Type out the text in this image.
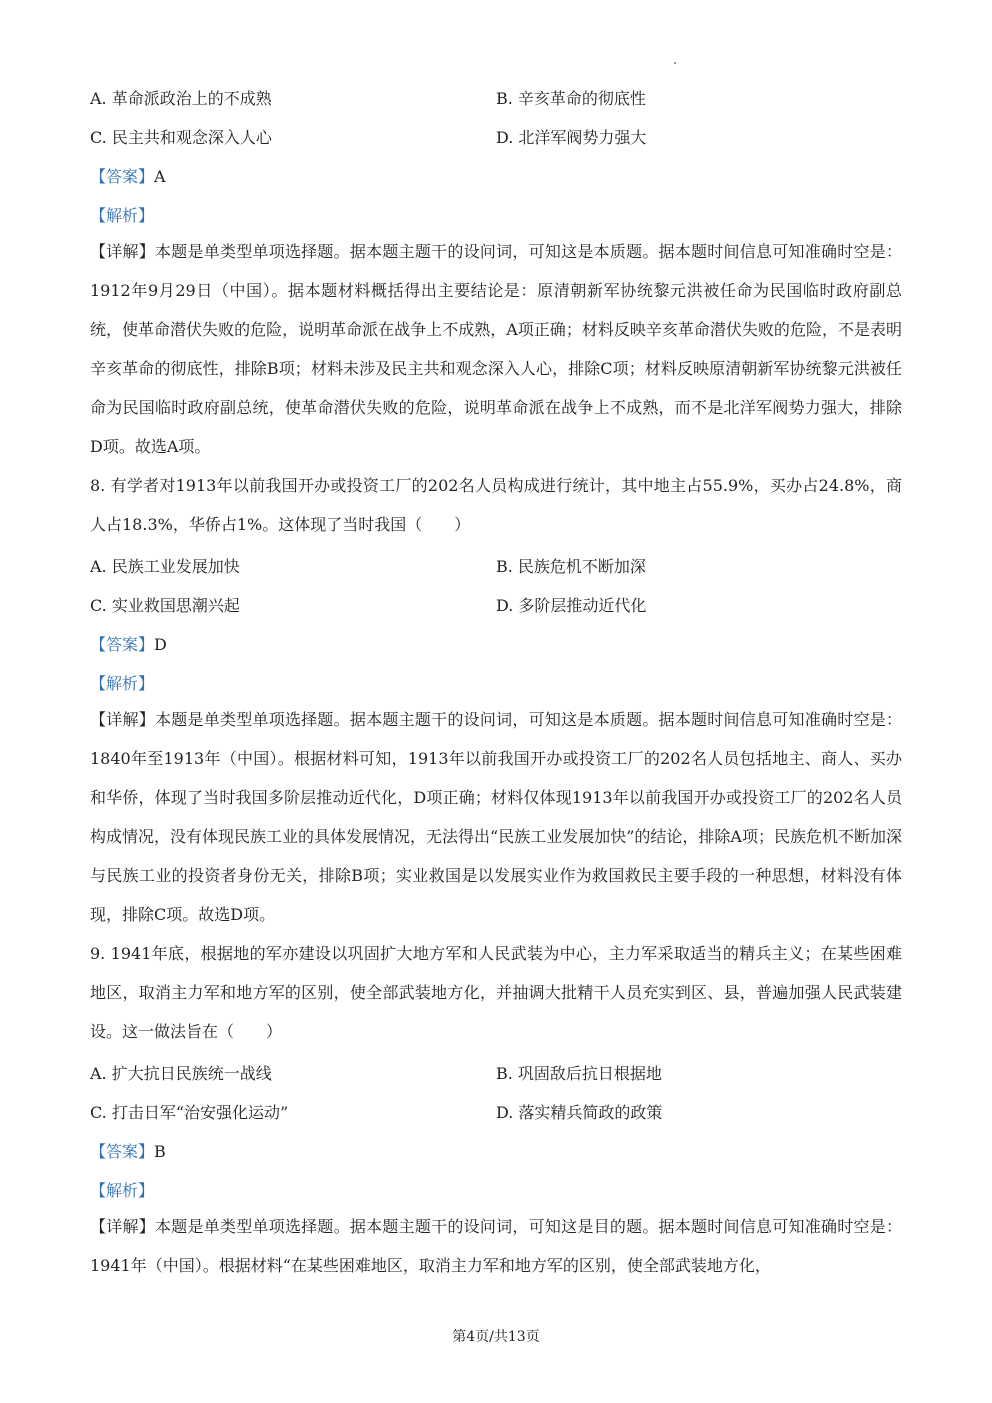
A. 革命派政治上的不成熟	B. 辛亥革命的彻底性
C. 民主共和观念深入人心	D. 北洋军阀势力强大
【答案】A
【解析】

【详解】本题是单类型单项选择题。据本题主题干的设问词，可知这是本质题。据本题时间信息可知准确时空是：1912年9月29日（中国）。据本题材料概括得出主要结论是：原清朝新军协统黎元洪被任命为民国临时政府副总统，使革命潜伏失败的危险，说明革命派在战争上不成熟，A项正确；材料反映辛亥革命潜伏失败的危险，不是表明辛亥革命的彻底性，排除B项；材料未涉及民主共和观念深入人心，排除C项；材料反映原清朝新军协统黎元洪被任命为民国临时政府副总统，使革命潜伏失败的危险，说明革命派在战争上不成熟，而不是北洋军阀势力强大，排除D项。故选A项。

8. 有学者对1913年以前我国开办或投资工厂的202名人员构成进行统计，其中地主占55.9%，买办占24.8%，商人占18.3%，华侨占1%。这体现了当时我国（　　）

A. 民族工业发展加快	B. 民族危机不断加深
C. 实业救国思潮兴起	D. 多阶层推动近代化
【答案】D
【解析】

【详解】本题是单类型单项选择题。据本题主题干的设问词，可知这是本质题。据本题时间信息可知准确时空是：1840年至1913年（中国）。根据材料可知，1913年以前我国开办或投资工厂的202名人员包括地主、商人、买办和华侨，体现了当时我国多阶层推动近代化，D项正确；材料仅体现1913年以前我国开办或投资工厂的202名人员构成情况，没有体现民族工业的具体发展情况，无法得出“民族工业发展加快”的结论，排除A项；民族危机不断加深与民族工业的投资者身份无关，排除B项；实业救国是以发展实业作为救国救民主要手段的一种思想，材料没有体现，排除C项。故选D项。

9. 1941年底，根据地的军亦建设以巩固扩大地方军和人民武装为中心，主力军采取适当的精兵主义；在某些困难地区，取消主力军和地方军的区别，使全部武装地方化，并抽调大批精干人员充实到区、县，普遍加强人民武装建设。这一做法旨在（　　）

A. 扩大抗日民族统一战线	B. 巩固敌后抗日根据地
C. 打击日军“治安强化运动”	D. 落实精兵简政的政策
【答案】B
【解析】

【详解】本题是单类型单项选择题。据本题主题干的设问词，可知这是目的题。据本题时间信息可知准确时空是：1941年（中国）。根据材料“在某些困难地区，取消主力军和地方军的区别，使全部武装地方化，

第4页/共13页
